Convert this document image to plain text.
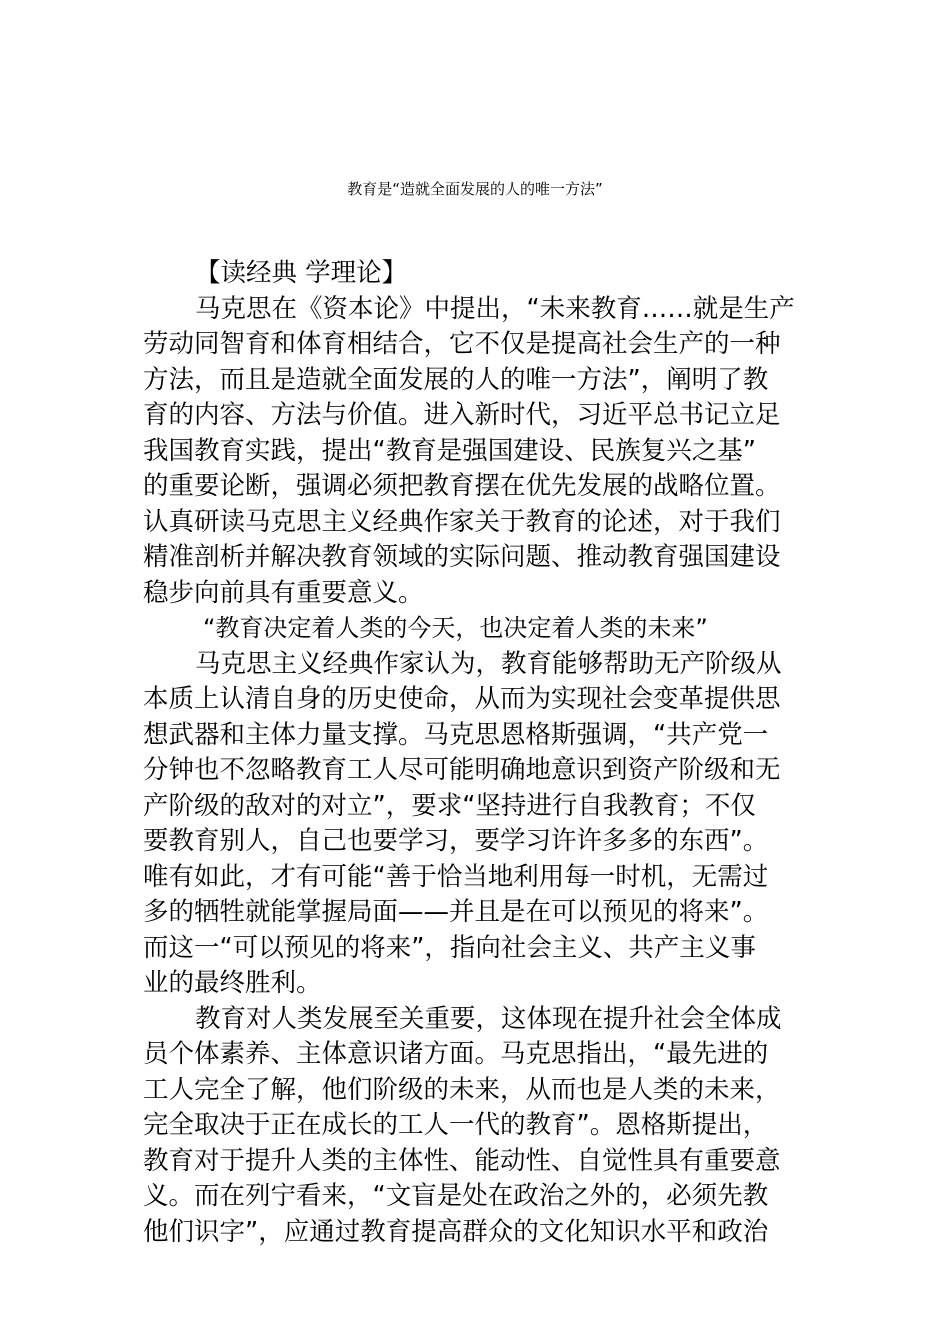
教育是“造就全面发展的人的唯一方法”
【读经典 学理论】
马克思在《资本论》中提出，“未来教育……就是生产
劳动同智育和体育相结合，它不仅是提高社会生产的一种
方法，而且是造就全面发展的人的唯一方法”，阐明了教
育的内容、方法与价值。进入新时代，习近平总书记立足
我国教育实践，提出“教育是强国建设、民族复兴之基”
的重要论断，强调必须把教育摆在优先发展的战略位置。
认真研读马克思主义经典作家关于教育的论述，对于我们
精准剖析并解决教育领域的实际问题、推动教育强国建设
稳步向前具有重要意义。
“教育决定着人类的今天，也决定着人类的未来”
马克思主义经典作家认为，教育能够帮助无产阶级从
本质上认清自身的历史使命，从而为实现社会变革提供思
想武器和主体力量支撑。马克思恩格斯强调，“共产党一
分钟也不忽略教育工人尽可能明确地意识到资产阶级和无
产阶级的敌对的对立”，要求“坚持进行自我教育；不仅
要教育别人，自己也要学习，要学习许许多多的东西”。
唯有如此，才有可能“善于恰当地利用每一时机，无需过
多的牺牲就能掌握局面——并且是在可以预见的将来”。
而这一“可以预见的将来”，指向社会主义、共产主义事
业的最终胜利。
教育对人类发展至关重要，这体现在提升社会全体成
员个体素养、主体意识诸方面。马克思指出，“最先进的
工人完全了解，他们阶级的未来，从而也是人类的未来，
完全取决于正在成长的工人一代的教育”。恩格斯提出，
教育对于提升人类的主体性、能动性、自觉性具有重要意
义。而在列宁看来，“文盲是处在政治之外的，必须先教
他们识字”，应通过教育提高群众的文化知识水平和政治
